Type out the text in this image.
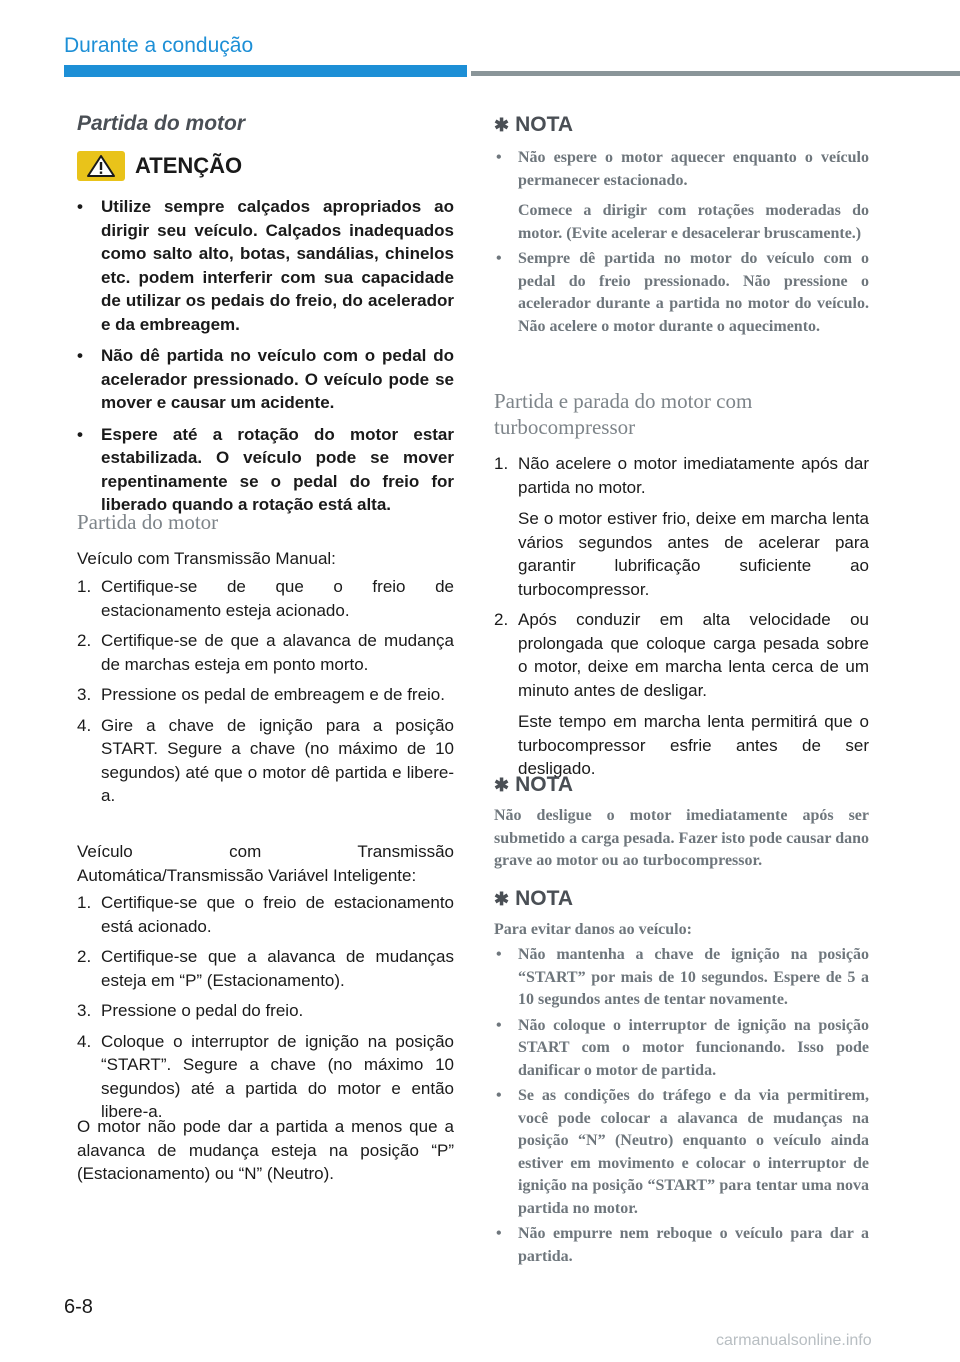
Durante a condução
Partida do motor
ATENÇÃO
• Utilize sempre calçados apropriados ao dirigir seu veículo. Calçados inadequados como salto alto, botas, sandálias, chinelos etc. podem interferir com sua capacidade de utilizar os pedais do freio, do acelerador e da embreagem.
• Não dê partida no veículo com o pedal do acelerador pressionado. O veículo pode se mover e causar um acidente.
• Espere até a rotação do motor estar estabilizada. O veículo pode se mover repentinamente se o pedal do freio for liberado quando a rotação está alta.
Partida do motor
Veículo com Transmissão Manual:
1. Certifique-se de que o freio de estacionamento esteja acionado.
2. Certifique-se de que a alavanca de mudança de marchas esteja em ponto morto.
3. Pressione os pedal de embreagem e de freio.
4. Gire a chave de ignição para a posição START. Segure a chave (no máximo de 10 segundos) até que o motor dê partida e libere-a.
Veículo com Transmissão Automática/Transmissão Variável Inteligente:
1. Certifique-se que o freio de estacionamento está acionado.
2. Certifique-se que a alavanca de mudanças esteja em “P” (Estacionamento).
3. Pressione o pedal do freio.
4. Coloque o interruptor de ignição na posição “START”. Segure a chave (no máximo 10 segundos) até a partida do motor e então libere-a.
O motor não pode dar a partida a menos que a alavanca de mudança esteja na posição “P” (Estacionamento) ou “N” (Neutro).
✱ NOTA
• Não espere o motor aquecer enquanto o veículo permanecer estacionado.
Comece a dirigir com rotações moderadas do motor. (Evite acelerar e desacelerar bruscamente.)
• Sempre dê partida no motor do veículo com o pedal do freio pressionado. Não pressione o acelerador durante a partida no motor do veículo. Não acelere o motor durante o aquecimento.
Partida e parada do motor com turbocompressor
1. Não acelere o motor imediatamente após dar partida no motor.
Se o motor estiver frio, deixe em marcha lenta vários segundos antes de acelerar para garantir lubrificação suficiente ao turbocompressor.
2. Após conduzir em alta velocidade ou prolongada que coloque carga pesada sobre o motor, deixe em marcha lenta cerca de um minuto antes de desligar.
Este tempo em marcha lenta permitirá que o turbocompressor esfrie antes de ser desligado.
✱ NOTA
Não desligue o motor imediatamente após ser submetido a carga pesada. Fazer isto pode causar dano grave ao motor ou ao turbocompressor.
✱ NOTA
Para evitar danos ao veículo:
• Não mantenha a chave de ignição na posição “START” por mais de 10 segundos. Espere de 5 a 10 segundos antes de tentar novamente.
• Não coloque o interruptor de ignição na posição START com o motor funcionando. Isso pode danificar o motor de partida.
• Se as condições do tráfego e da via permitirem, você pode colocar a alavanca de mudanças na posição “N” (Neutro) enquanto o veículo ainda estiver em movimento e colocar o interruptor de ignição na posição “START” para tentar uma nova partida no motor.
• Não empurre nem reboque o veículo para dar a partida.
6-8
carmanualsonline.info
